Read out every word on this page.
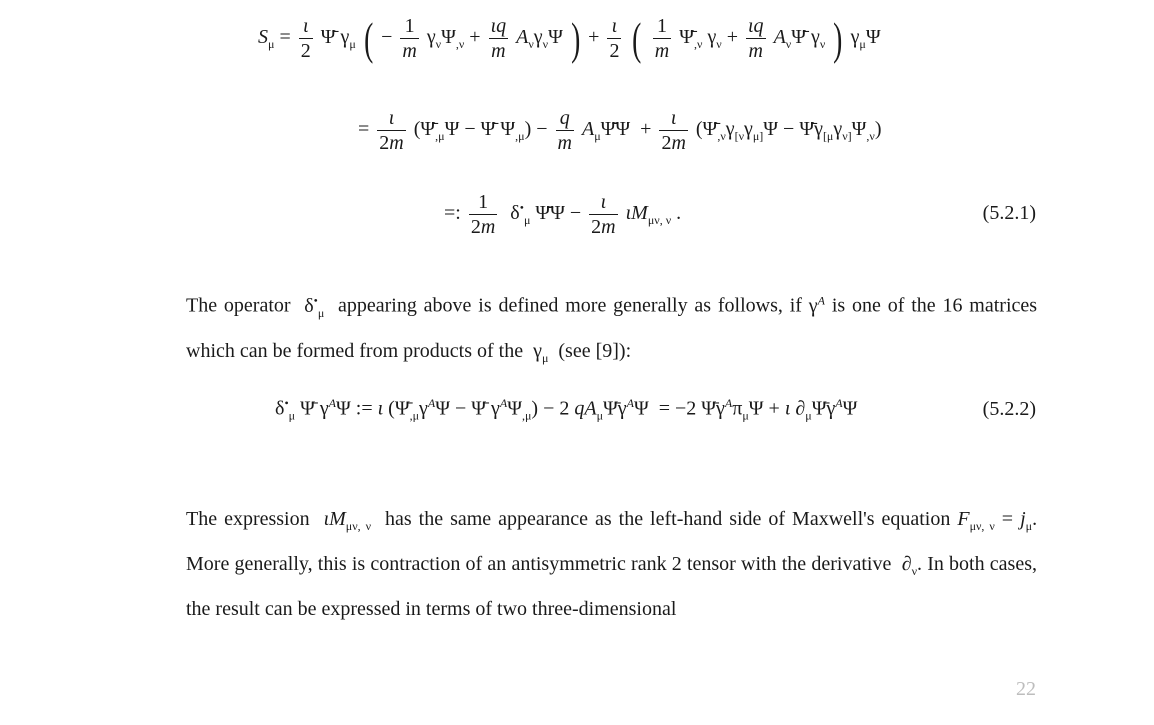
$S_\mu = \frac{\iota}{2}$ Ψ̄ $\gamma_\mu$ ( − $\frac{1}{m} \gamma_\nu\Psi_{,\nu} + \frac{\iota q}{m} A_\nu\gamma_\nu\Psi$ ) + $\frac{\iota}{2}$ ( $\frac{1}{m}$ $\Psī_{,\nu}$ $\gamma_\nu + \frac{\iota q}{m}$ $A_\nu\Psī$ $\gamma_\nu$ ) $\gamma_\mu\Psi$
= $\frac{\iota}{2m}$ ($\Psī_{,\mu}\Psi$ − Ψ̄ $\Psi_{,\mu}) - \frac{q}{m}$ $A_\mu\Psī\Psi + \frac{\iota}{2m}$ ($\Psī_{,\nu}\gamma_{[\nu}\gamma_{\mu]}\Psi$ − $\Psī\gamma_{[\mu}\gamma_{\nu]}\Psi_{,\nu}$)
=: $\frac{1}{2m} \delta^•_\mu$ Ψ̄Ψ − $\frac{\iota}{2m} \iota M_{\mu\nu, \nu}$ .	(5.2.1)
The operator  $\delta^•_\mu$ appearing above is defined more generally as follows, if $\gamma^A$ is one of the 16 matrices which can be formed from products of the  $\gamma_\mu$ (see [9]):
$\delta^•_\mu$ Ψ̄ $\gamma^A\Psi$ := ι ($\Psī_{,\mu}\gamma^A\Psi$ − Ψ̄ $\gamma^A\Psi_{,\mu}) - 2$ $qA_\mu\Psī\gamma^A\Psi = -2$ $\Psī\gamma^A\pi_\mu\Psi + \iota$ $\partial_\mu\Psī\gamma^A\Psi$	(5.2.2)
The expression $\iota M_{\mu\nu, \nu}$ has the same appearance as the left-hand side of Maxwell's equation $F_{\mu\nu, \nu} = j_\mu$. More generally, this is contraction of an antisymmetric rank 2 tensor with the derivative  $\partial_\nu$. In both cases, the result can be expressed in terms of two three-dimensional
22
